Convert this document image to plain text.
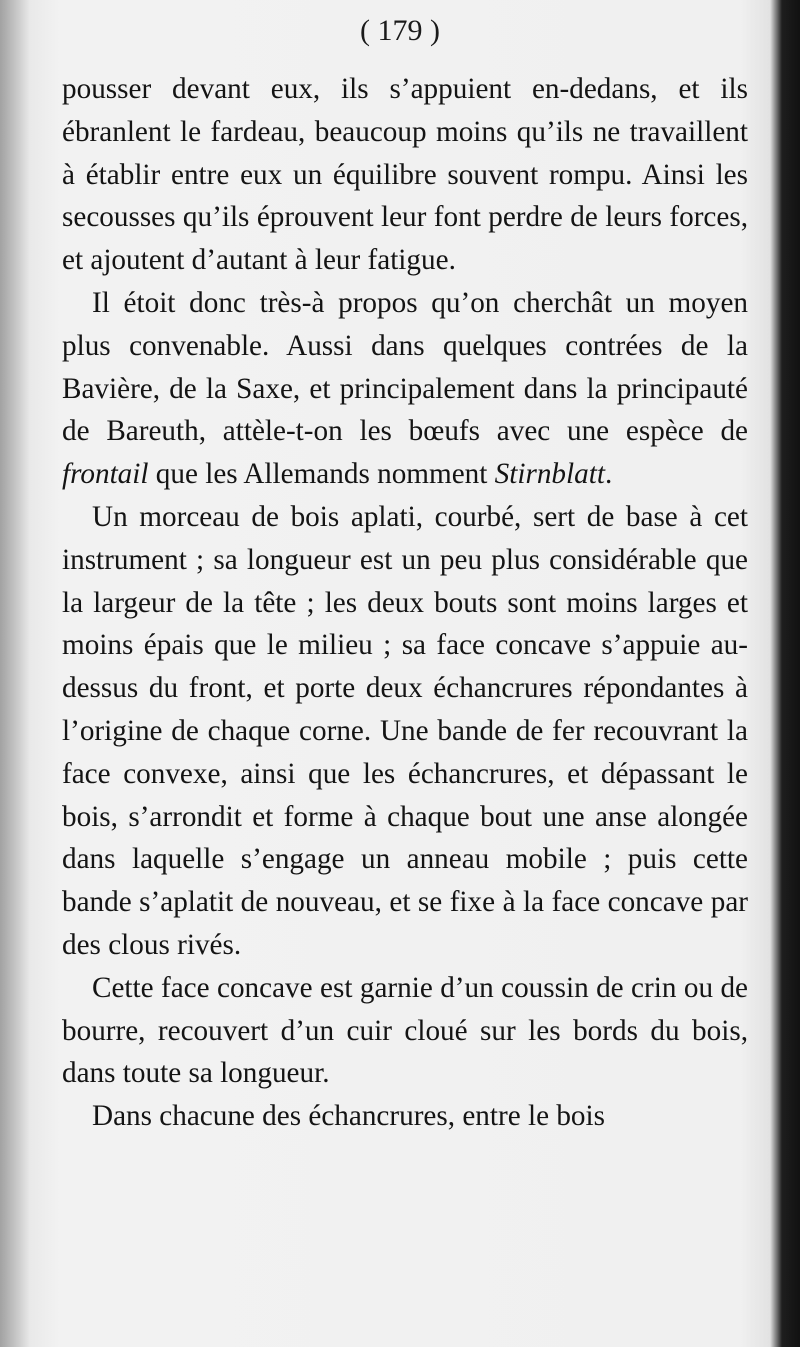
( 179 )

pousser devant eux, ils s’appuient en-dedans, et ils ébranlent le fardeau, beaucoup moins qu’ils ne travaillent à établir entre eux un équilibre souvent rompu. Ainsi les secousses qu’ils éprouvent leur font perdre de leurs forces, et ajoutent d’autant à leur fatigue.

Il étoit donc très-à propos qu’on cherchât un moyen plus convenable. Aussi dans quelques contrées de la Bavière, de la Saxe, et principalement dans la principauté de Bareuth, attèle-t-on les bœufs avec une espèce de frontail que les Allemands nomment Stirnblatt.

Un morceau de bois aplati, courbé, sert de base à cet instrument ; sa longueur est un peu plus considérable que la largeur de la tête ; les deux bouts sont moins larges et moins épais que le milieu ; sa face concave s’appuie au-dessus du front, et porte deux échancrures répondantes à l’origine de chaque corne. Une bande de fer recouvrant la face convexe, ainsi que les échancrures, et dépassant le bois, s’arrondit et forme à chaque bout une anse alongée dans laquelle s’engage un anneau mobile ; puis cette bande s’aplatit de nouveau, et se fixe à la face concave par des clous rivés.

Cette face concave est garnie d’un coussin de crin ou de bourre, recouvert d’un cuir cloué sur les bords du bois, dans toute sa longueur.

Dans chacune des échancrures, entre le bois
